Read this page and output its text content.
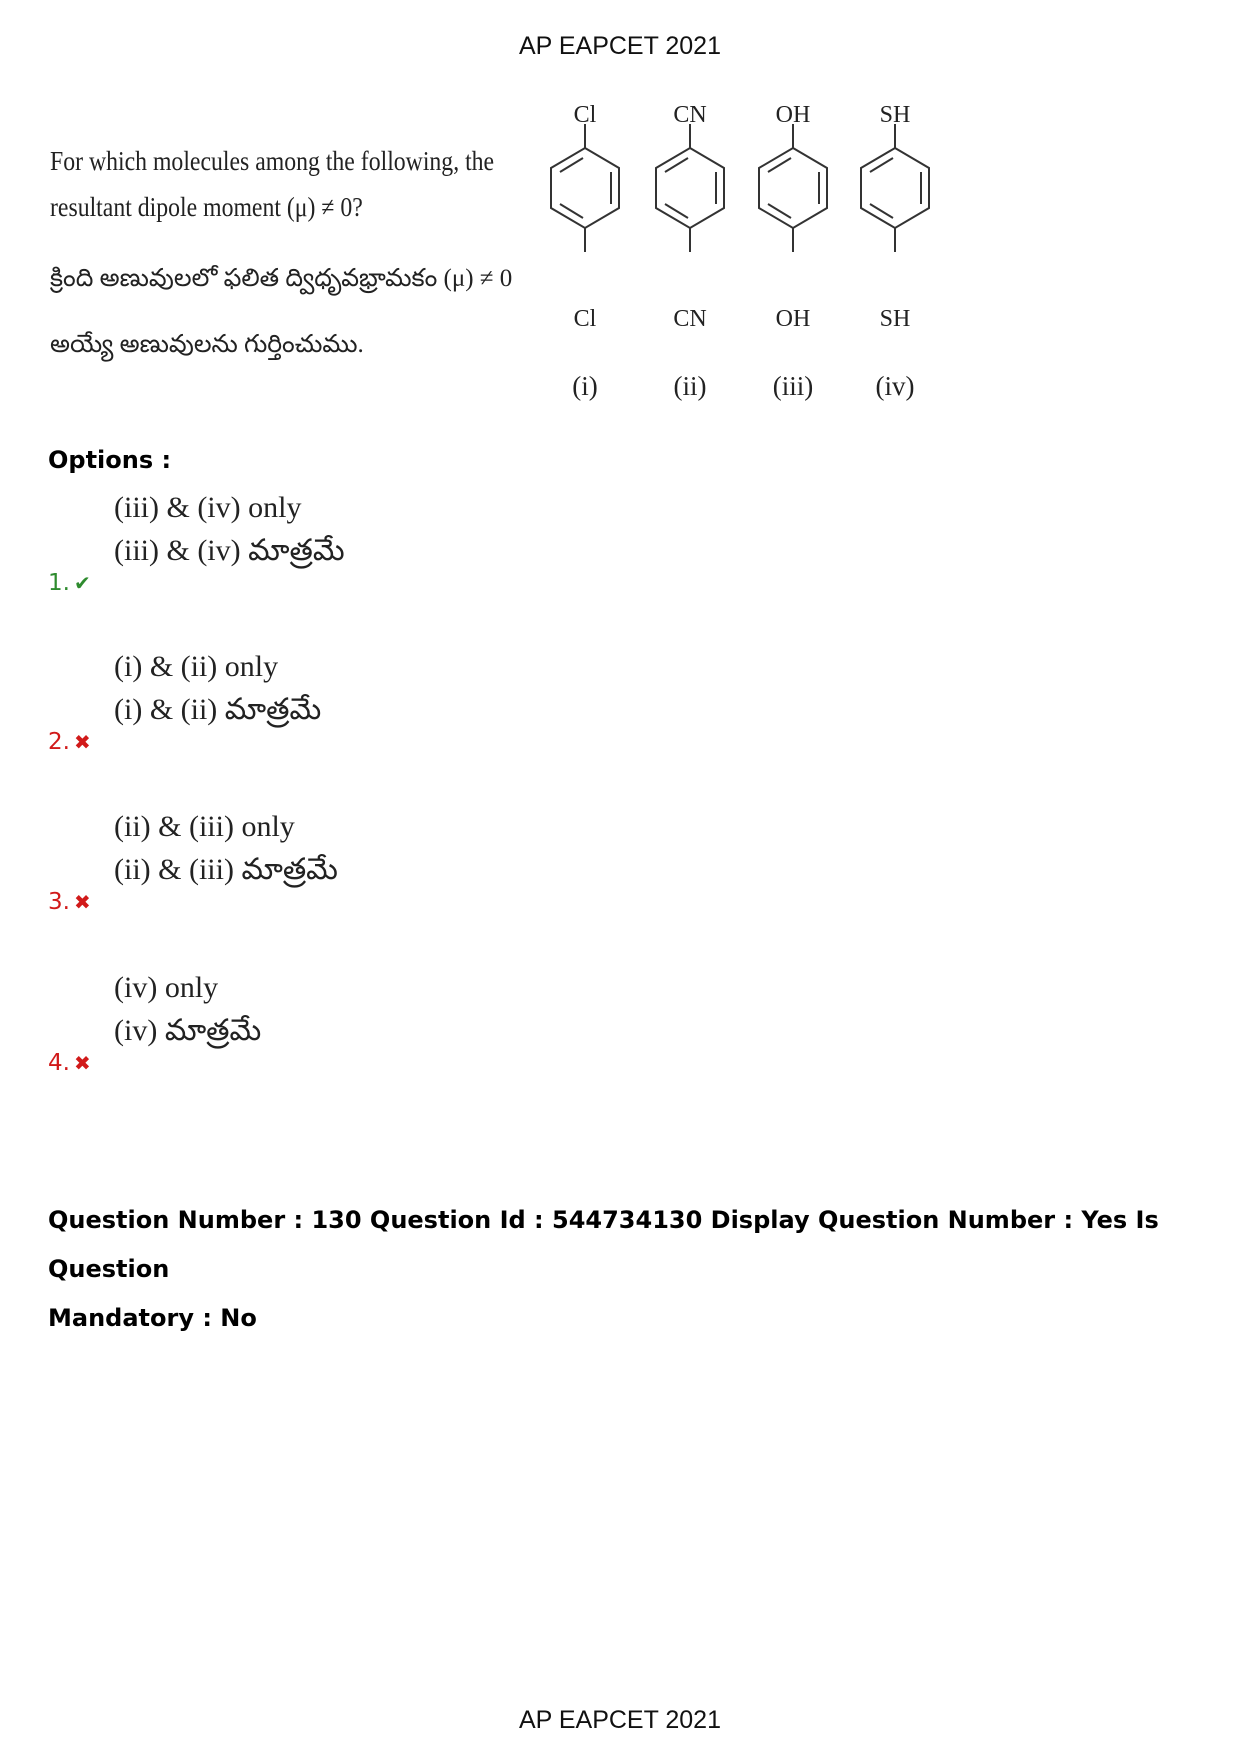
AP EAPCET 2021
For which molecules among the following, the
resultant dipole moment (μ) ≠ 0?
క్రింది అణువులలో ఫలిత ద్విధృవభ్రామకం (μ) ≠ 0
అయ్యే అణువులను గుర్తించుము.
Cl	CN	OH	SH
Cl	CN	OH	SH
(i)	(ii) (iii) (iv)
Options :
(iii) & (iv) only
(iii) & (iv) మాత్రమే
1. ✔
(i) & (ii) only
(i) & (ii) మాత్రమే
2. ✖
(ii) & (iii) only
(ii) & (iii) మాత్రమే
3. ✖
(iv) only
(iv) మాత్రమే
4. ✖
Question Number : 130 Question Id : 544734130 Display Question Number : Yes Is Question
Mandatory : No
AP EAPCET 2021
